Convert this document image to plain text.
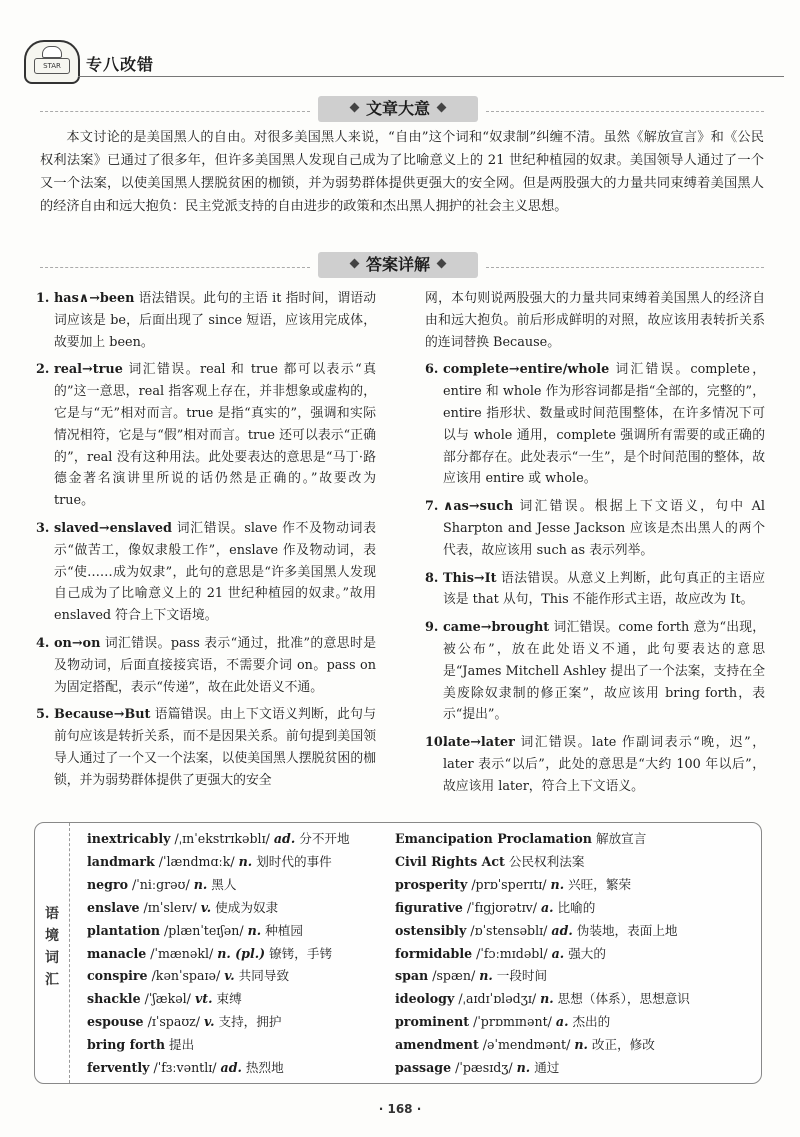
STAR	专八改错
文章大意

本文讨论的是美国黑人的自由。对很多美国黑人来说，“自由”这个词和“奴隶制”纠缠不清。虽然《解放宣言》和《公民权利法案》已通过了很多年，但许多美国黑人发现自己成为了比喻意义上的 21 世纪种植园的奴隶。美国领导人通过了一个又一个法案，以使美国黑人摆脱贫困的枷锁，并为弱势群体提供更强大的安全网。但是两股强大的力量共同束缚着美国黑人的经济自由和远大抱负：民主党派支持的自由进步的政策和杰出黑人拥护的社会主义思想。

答案详解

1. has∧→been 语法错误。此句的主语 it 指时间，谓语动词应该是 be，后面出现了 since 短语，应该用完成体，故要加上 been。

2. real→true 词汇错误。real 和 true 都可以表示“真的”这一意思，real 指客观上存在，并非想象或虚构的，它是与“无”相对而言。true 是指“真实的”，强调和实际情况相符，它是与“假”相对而言。true 还可以表示“正确的”，real 没有这种用法。此处要表达的意思是“马丁·路德金著名演讲里所说的话仍然是正确的。”故要改为 true。

3. slaved→enslaved 词汇错误。slave 作不及物动词表示“做苦工，像奴隶般工作”，enslave 作及物动词，表示“使……成为奴隶”，此句的意思是“许多美国黑人发现自己成为了比喻意义上的 21 世纪种植园的奴隶。”故用 enslaved 符合上下文语境。

4. on→on 词汇错误。pass 表示“通过，批准”的意思时是及物动词，后面直接接宾语，不需要介词 on。pass on 为固定搭配，表示“传递”，故在此处语义不通。

5. Because→But 语篇错误。由上下文语义判断，此句与前句应该是转折关系，而不是因果关系。前句提到美国领导人通过了一个又一个法案，以使美国黑人摆脱贫困的枷锁，并为弱势群体提供了更强大的安全

网，本句则说两股强大的力量共同束缚着美国黑人的经济自由和远大抱负。前后形成鲜明的对照，故应该用表转折关系的连词替换 Because。

6. complete→entire/whole 词汇错误。complete，entire 和 whole 作为形容词都是指“全部的，完整的”，entire 指形状、数量或时间范围整体，在许多情况下可以与 whole 通用，complete 强调所有需要的或正确的部分都存在。此处表示“一生”，是个时间范围的整体，故应该用 entire 或 whole。

7. ∧as→such 词汇错误。根据上下文语义，句中 Al Sharpton and Jesse Jackson 应该是杰出黑人的两个代表，故应该用 such as 表示列举。

8. This→It 语法错误。从意义上判断，此句真正的主语应该是 that 从句，This 不能作形式主语，故应改为 It。

9. came→brought 词汇错误。come forth 意为“出现，被公布”，放在此处语义不通，此句要表达的意思是“James Mitchell Ashley 提出了一个法案，支持在全美废除奴隶制的修正案”，故应该用 bring forth，表示“提出”。

10.late→later 词汇错误。late 作副词表示“晚，迟”，later 表示“以后”，此处的意思是“大约 100 年以后”，故应该用 later，符合上下文语义。

语
境
词
汇
inextricably /ˌɪnˈekstrɪkəblɪ/ ad. 分不开地
landmark /ˈlændmɑːk/ n. 划时代的事件
negro /ˈniːgrəʊ/ n. 黑人
enslave /ɪnˈsleɪv/ v. 使成为奴隶
plantation /plænˈteɪʃən/ n. 种植园
manacle /ˈmænəkl/ n. (pl.) 镣铐，手铐
conspire /kənˈspaɪə/ v. 共同导致
shackle /ˈʃækəl/ vt. 束缚
espouse /ɪˈspaʊz/ v. 支持，拥护
bring forth 提出
fervently /ˈfɜːvəntlɪ/ ad. 热烈地
Emancipation Proclamation 解放宣言
Civil Rights Act 公民权利法案
prosperity /prɒˈsperɪtɪ/ n. 兴旺，繁荣
figurative /ˈfɪgjʊrətɪv/ a. 比喻的
ostensibly /ɒˈstensəblɪ/ ad. 伪装地，表面上地
formidable /ˈfɔːmɪdəbl/ a. 强大的
span /spæn/ n. 一段时间
ideology /ˌaɪdɪˈɒlədʒɪ/ n. 思想（体系），思想意识
prominent /ˈprɒmɪnənt/ a. 杰出的
amendment /əˈmendmənt/ n. 改正，修改
passage /ˈpæsɪdʒ/ n. 通过
· 168 ·
